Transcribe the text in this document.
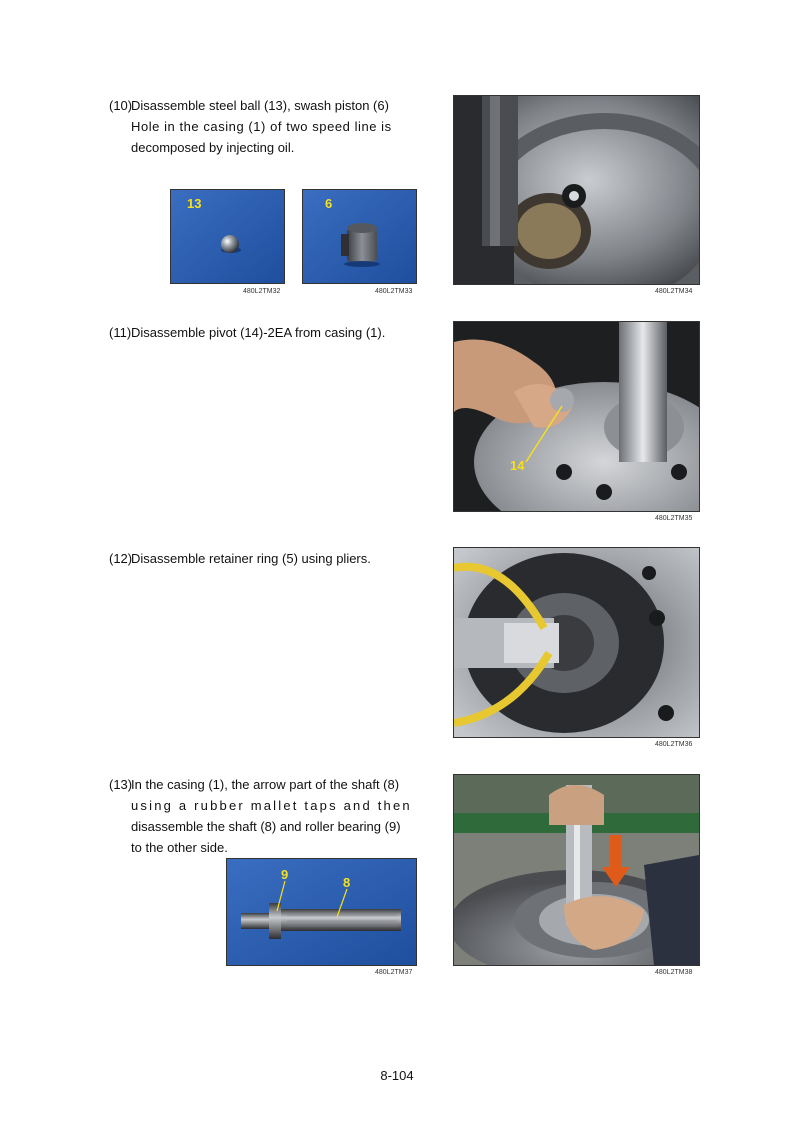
(10)
Disassemble steel ball (13), swash piston (6)
Hole in the casing (1) of two speed line is
decomposed by injecting oil.
13
480L2TM32
6
480L2TM33	480L2TM34
(11) Disassemble pivot (14)-2EA from casing (1).
14
480L2TM35
(12)
Disassemble retainer ring (5) using pliers.
480L2TM36
(13)
In the casing (1), the arrow part of the shaft (8)
using a rubber mallet taps and then
disassemble the shaft (8) and roller bearing (9)
to the other side.
9
8
480L2TM37	480L2TM38
8-104
